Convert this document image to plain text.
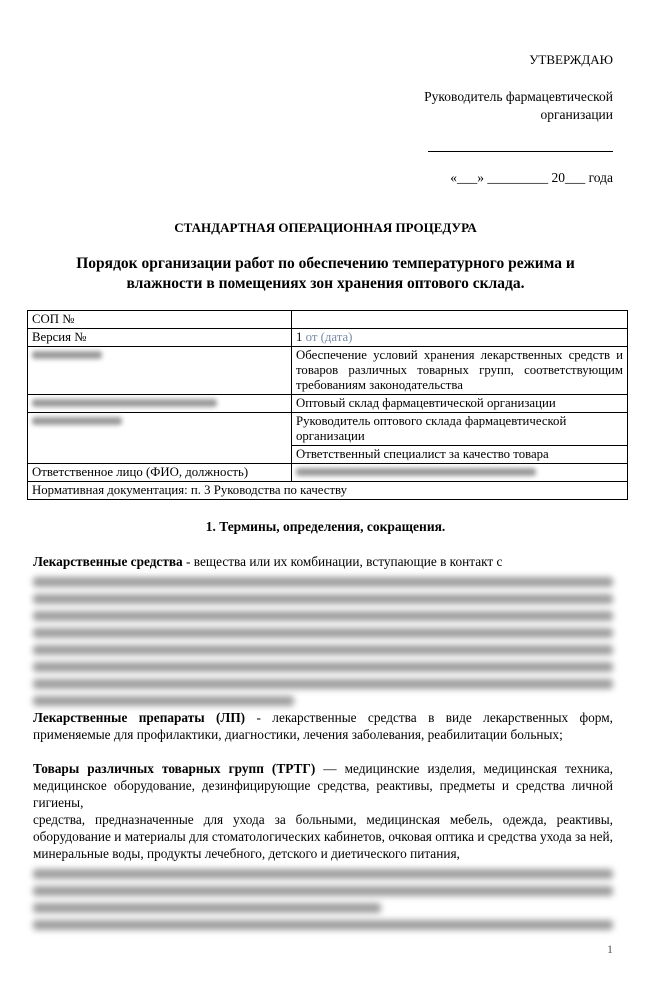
УТВЕРЖДАЮ
Руководитель фармацевтической
организации
«___» _________ 20___ года
СТАНДАРТНАЯ ОПЕРАЦИОННАЯ ПРОЦЕДУРА
Порядок организации работ по обеспечению температурного режима и влажности в помещениях зон хранения оптового склада.
СОП №	
Версия №	1 от (дата)

	Обеспечение условий хранения лекарственных средств и товаров различных товарных групп, соответствующим требованиям законодательства

	Оптовый склад фармацевтической организации

	Руководитель оптового склада фармацевтической организации
	Ответственный специалист за качество товара
Ответственное лицо (ФИО, должность)	

Нормативная документация: п. 3 Руководства по качеству	
1. Термины, определения, сокращения.
Лекарственные средства - вещества или их комбинации, вступающие в контакт с
Лекарственные препараты (ЛП) - лекарственные средства в виде лекарственных форм, применяемые для профилактики, диагностики, лечения заболевания, реабилитации больных;
Товары различных товарных групп (ТРТГ) — медицинские изделия, медицинская техника, медицинское оборудование, дезинфицирующие средства, реактивы, предметы и средства личной гигиены,
средства, предназначенные для ухода за больными, медицинская мебель, одежда, реактивы, оборудование и материалы для стоматологических кабинетов, очковая оптика и средства ухода за ней, минеральные воды, продукты лечебного, детского и диетического питания,
1
